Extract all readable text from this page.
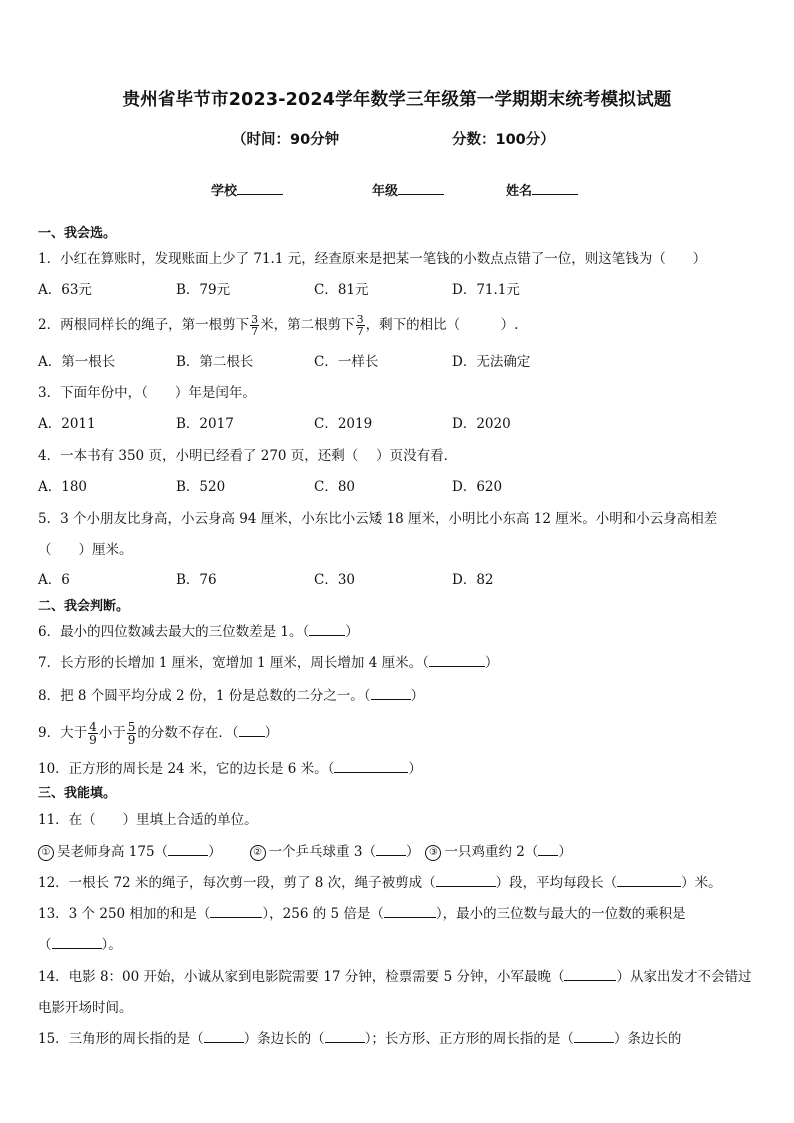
贵州省毕节市2023-2024学年数学三年级第一学期期末统考模拟试题
（时间：90分钟	分数：100分）
学校	年级	姓名
一、我会选。
1．小红在算账时，发现账面上少了 71.1 元，经查原来是把某一笔钱的小数点点错了一位，则这笔钱为（　　）
A．63元	B．79元	C．81元	D．71.1元
2．两根同样长的绳子，第一根剪下 $\frac{3}{7}$ 米，第二根剪下 $\frac{3}{7}$ ，剩下的相比（　　　）.
A．第一根长	B．第二根长	C．一样长	D．无法确定
3．下面年份中，（　　）年是闰年。
A．2011	B．2017	C．2019	D．2020
4．一本书有 350 页，小明已经看了 270 页，还剩（　 ）页没有看．
A．180	B．520	C．80	D．620
5．3 个小朋友比身高，小云身高 94 厘米，小东比小云矮 18 厘米，小明比小东高 12 厘米。小明和小云身高相差
（　　）厘米。
A．6	B．76	C．30	D．82
二、我会判断。
6．最小的四位数减去最大的三位数差是 1。（	）
7．长方形的长增加 1 厘米，宽增加 1 厘米，周长增加 4 厘米。（	）
8．把 8 个圆平均分成 2 份，1 份是总数的二分之一。（	）
9．大于 $\frac{4}{9}$ 小于 $\frac{5}{9}$ 的分数不存在．（ ）
10．正方形的周长是 24 米，它的边长是 6 米。（	）
三、我能填。
11．在（　　）里填上合适的单位。
① 吴老师身高 175（	）	② 一个乒乓球重 3（ ） ③ 一只鸡重约 2（ ）
12．一根长 72 米的绳子，每次剪一段，剪了 8 次，绳子被剪成（	）段，平均每段长（	）米。
13．3 个 250 相加的和是（	），256 的 5 倍是（	），最小的三位数与最大的一位数的乘积是
（	）。
14．电影 8：00 开始，小诚从家到电影院需要 17 分钟，检票需要 5 分钟，小军最晚（	）从家出发才不会错过
电影开场时间。
15．三角形的周长指的是（	）条边长的（	）；长方形、正方形的周长指的是（	）条边长的
